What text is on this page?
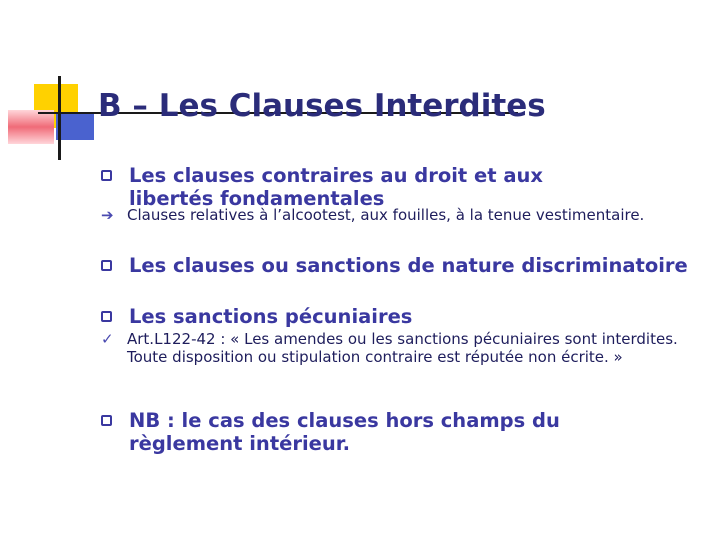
B – Les Clauses Interdites
Les clauses contraires au droit et aux libertés fondamentales
➔ Clauses relatives à l’alcootest, aux fouilles, à la tenue vestimentaire.
Les clauses ou sanctions de nature discriminatoire
Les sanctions pécuniaires
✓ Art.L122-42 : « Les amendes ou les sanctions pécuniaires sont interdites. Toute disposition ou stipulation contraire est réputée non écrite. »
NB : le cas des clauses hors champs du règlement intérieur.
